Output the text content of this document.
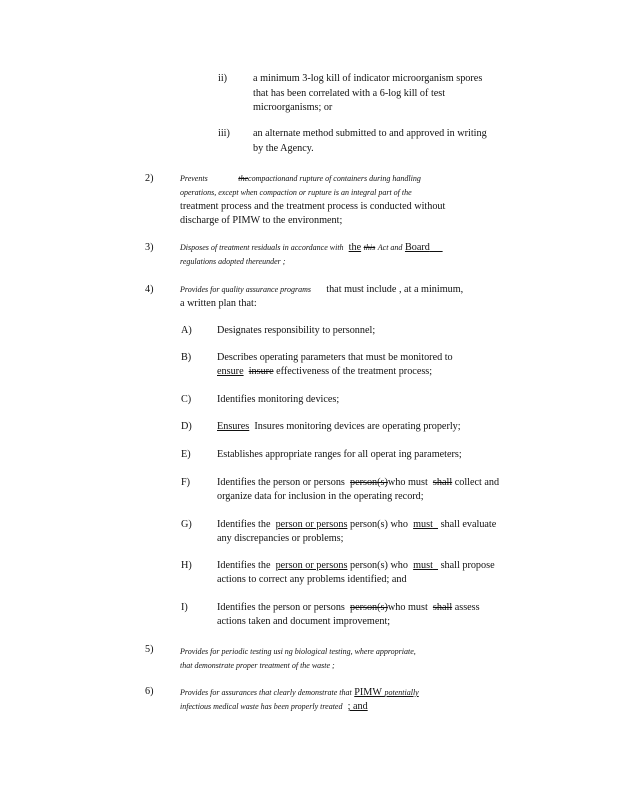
ii)	a minimum 3-log kill of indicator microorganism spores
that has been correlated with a 6-log kill of test
microorganisms; or
iii) an alternate method submitted to and approved in writing
by the Agency.
2)	Prevents	thecompactionand rupture of containers during handling
operations, except when compaction or rupture is an integral part of the
treatment process and the treatment process is conducted without
discharge of PIMW to the environment;
3)	Disposes of treatment residuals in accordance with the this Act and Board
regulations adopted thereunder ;
4)	Provides for quality assurance programs that must include , at a minimum,
a written plan that:
A) Designates responsibility to personnel;
B)	Describes operating parameters that must be monitored to
ensure insure effectiveness of the treatment process;
C)	Identifies monitoring devices;
D) Ensures Insures monitoring devices are operating properly;
E)	Establishes appropriate ranges for all operat ing parameters;
F)	Identifies the person or persons person(s)who must shall collect and
organize data for inclusion in the operating record;
G) Identifies the person or persons person(s) who must shall evaluate
any discrepancies or problems;
H) Identifies the person or persons person(s) who must shall propose
actions to correct any problems identified; and
I)	Identifies the person or persons person(s)who must shall assess
actions taken and document improvement;
5)	Provides for periodic testing usi ng biological testing, where appropriate,
that demonstrate proper treatment of the waste ;
6)	Provides for assurances that clearly demonstrate that PIMW potentially
infectious medical waste has been properly treated ; and
